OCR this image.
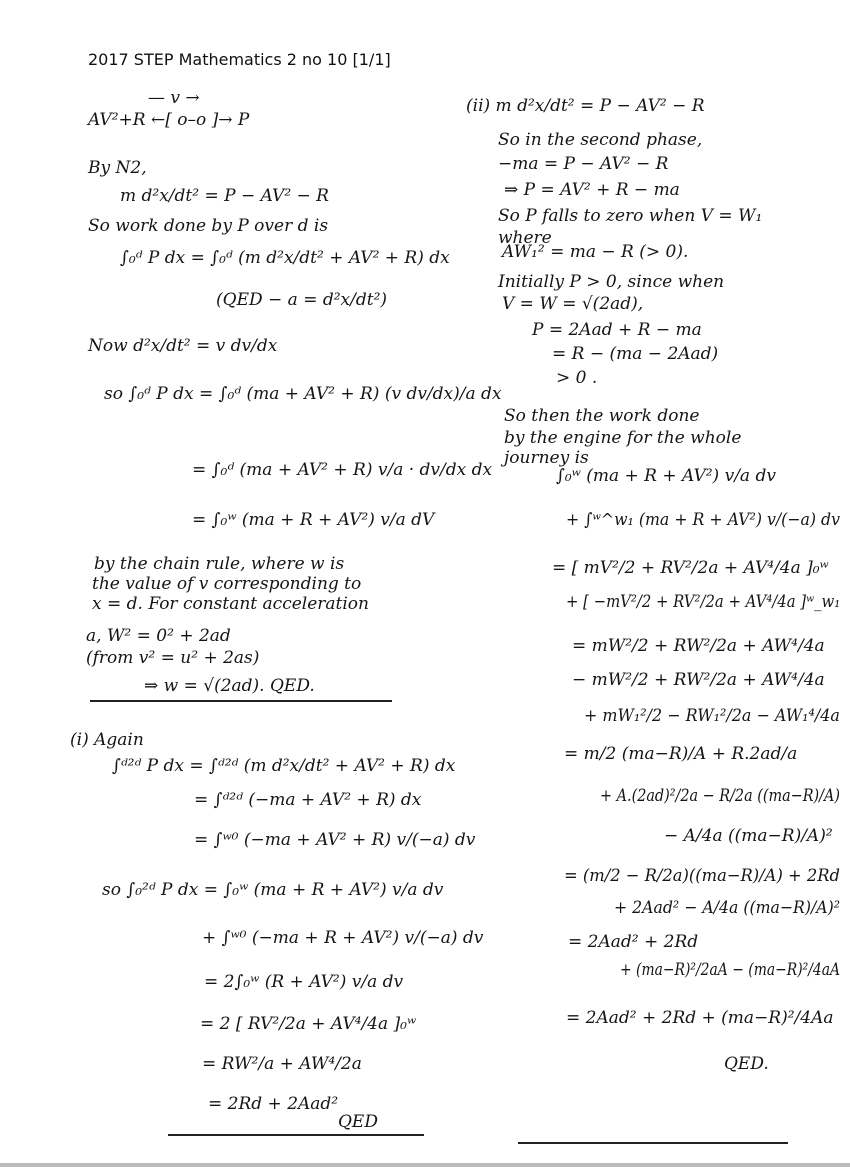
2017 STEP Mathematics 2 no 10 [1/1]
— v →
AV²+R ←[ o–o ]→ P
By N2,
m d²x/dt² = P − AV² − R
So work done by P over d is
∫₀ᵈ P dx = ∫₀ᵈ (m d²x/dt² + AV² + R) dx
(QED − a = d²x/dt²)
Now d²x/dt² = v dv/dx
so ∫₀ᵈ P dx = ∫₀ᵈ (ma + AV² + R) (v dv/dx)/a dx
= ∫₀ᵈ (ma + AV² + R) v/a · dv/dx dx
= ∫₀ʷ (ma + R + AV²) v/a dV
by the chain rule, where w is
the value of v corresponding to
x = d. For constant acceleration
a, W² = 0² + 2ad
(from v² = u² + 2as)
⇒ w = √(2ad). QED.
(i) Again
∫ᵈ²ᵈ P dx = ∫ᵈ²ᵈ (m d²x/dt² + AV² + R) dx
= ∫ᵈ²ᵈ (−ma + AV² + R) dx
= ∫ʷ⁰ (−ma + AV² + R) v/(−a) dv
so ∫₀²ᵈ P dx = ∫₀ʷ (ma + R + AV²) v/a dv
+ ∫ʷ⁰ (−ma + R + AV²) v/(−a) dv
= 2∫₀ʷ (R + AV²) v/a dv
= 2 [ RV²/2a + AV⁴/4a ]₀ʷ
= RW²/a + AW⁴/2a
= 2Rd + 2Aad²
QED
(ii) m d²x/dt² = P − AV² − R
So in the second phase,
−ma = P − AV² − R
⇒ P = AV² + R − ma
So P falls to zero when V = W₁
where
AW₁² = ma − R (> 0).
Initially P > 0, since when
V = W = √(2ad),
P = 2Aad + R − ma
= R − (ma − 2Aad)
> 0 .
So then the work done
by the engine for the whole
journey is
∫₀ʷ (ma + R + AV²) v/a dv
+ ∫ʷ^w₁ (ma + R + AV²) v/(−a) dv
= [ mV²/2 + RV²/2a + AV⁴/4a ]₀ʷ
+ [ −mV²/2 + RV²/2a + AV⁴/4a ]ʷ_w₁
= mW²/2 + RW²/2a + AW⁴/4a
− mW²/2 + RW²/2a + AW⁴/4a
+ mW₁²/2 − RW₁²/2a − AW₁⁴/4a
= m/2 (ma−R)/A + R.2ad/a
+ A.(2ad)²/2a − R/2a ((ma−R)/A)
− A/4a ((ma−R)/A)²
= (m/2 − R/2a)((ma−R)/A) + 2Rd
+ 2Aad² − A/4a ((ma−R)/A)²
= 2Aad² + 2Rd
+ (ma−R)²/2aA − (ma−R)²/4aA
= 2Aad² + 2Rd + (ma−R)²/4Aa
QED.
